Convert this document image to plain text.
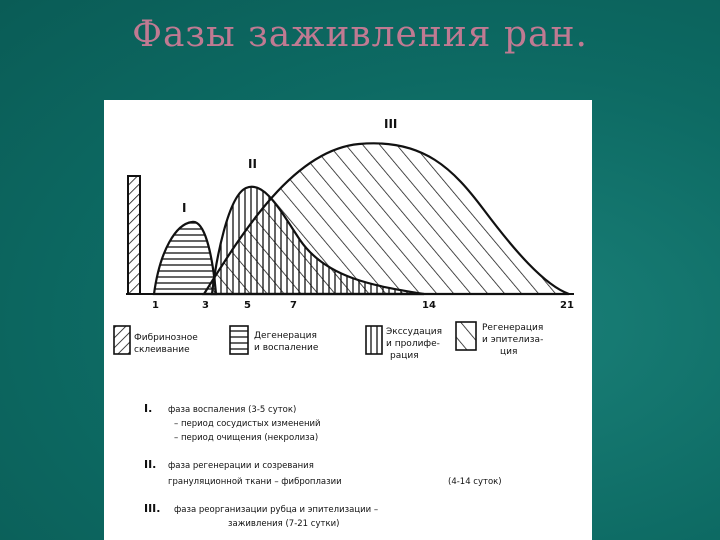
Фазы заживления ран.
I
II
III
1	3	5	7	14	21
Фибринозное
склеивание
Дегенерация
и воспаление
Экссудация
и пролифе-
рация
Регенерация
и эпителиза-
ция
I. фаза воспаления (3-5 суток)
– период сосудистых изменений
– период очищения (некролиза)
II. фаза регенерации и созревания
грануляционной ткани – фиброплазии	(4-14 суток)
III. фаза реорганизации рубца и эпителизации –
заживления (7-21 сутки)
